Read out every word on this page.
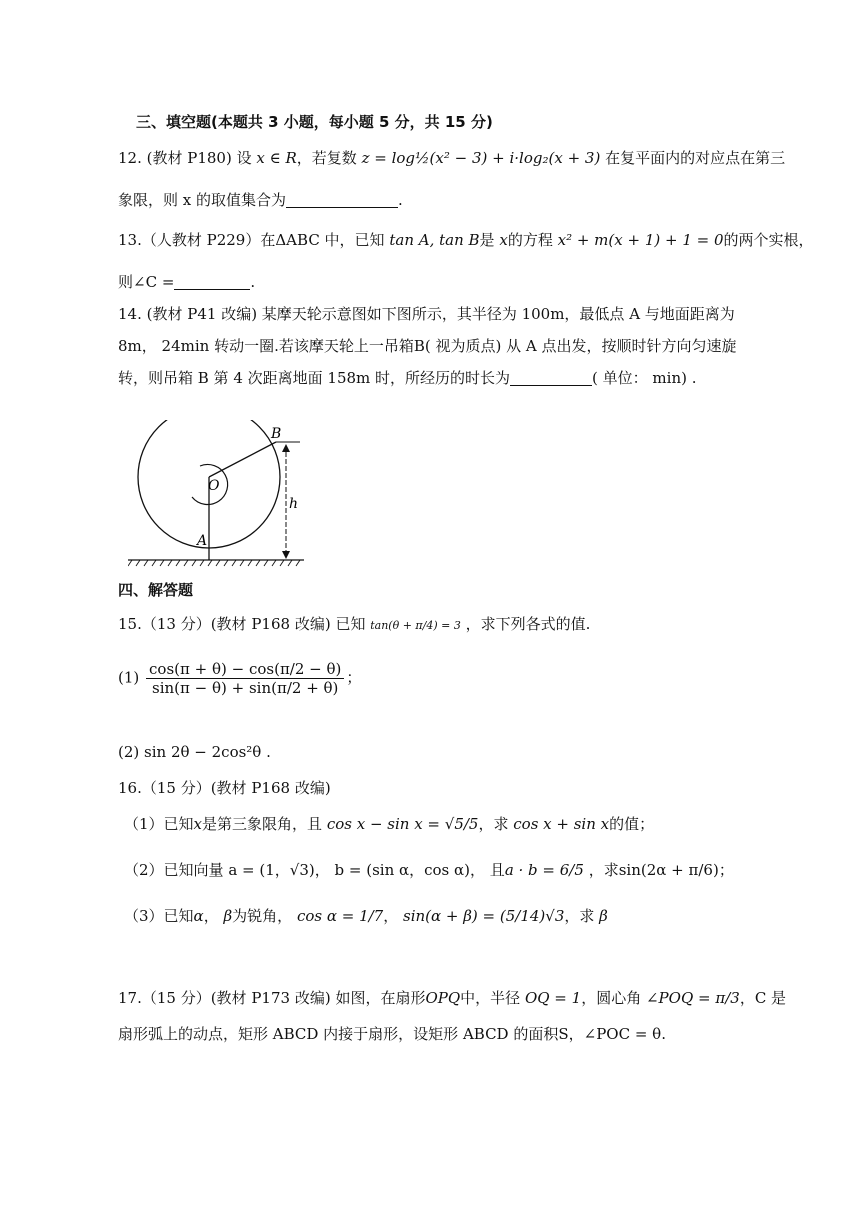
三、填空题(本题共 3 小题，每小题 5 分，共 15 分)
12. (教材 P180) 设 x ∈ R，若复数 z = log½(x² − 3) + i·log₂(x + 3) 在复平面内的对应点在第三
象限，则 x 的取值集合为	.
13.（人教材 P229）在ΔABC 中，已知 tan A, tan B是 x的方程 x² + m(x + 1) + 1 = 0的两个实根，
则∠C =	.
14. (教材 P41 改编) 某摩天轮示意图如下图所示，其半径为 100m，最低点 A 与地面距离为
8m， 24min 转动一圈.若该摩天轮上一吊箱B( 视为质点) 从 A 点出发，按顺时针方向匀速旋
转，则吊箱 B 第 4 次距离地面 158m 时，所经历的时长为	( 单位： min) .
B
O
A
h
四、解答题
15.（13 分）(教材 P168 改编) 已知 tan(θ + π/4) = 3 ，求下列各式的值.
$(1) \frac{\cos(\pi + \theta) - \cos(\pi/2 - \theta)}{\sin(\pi - \theta) + \sin(\pi/2 + \theta)}$ ；
(2) sin 2θ − 2cos²θ .
16.（15 分）(教材 P168 改编)
（1）已知x是第三象限角，且 cos x − sin x = √5/5，求 cos x + sin x的值；
（2）已知向量 a = (1，√3)， b = (sin α，cos α)， 且a · b = 6/5 ，求sin(2α + π/6)；
（3）已知α， β为锐角， cos α = 1/7， sin(α + β) = (5/14)√3，求 β
17.（15 分）(教材 P173 改编) 如图，在扇形OPQ中，半径 OQ = 1，圆心角 ∠POQ = π/3，C 是
扇形弧上的动点，矩形 ABCD 内接于扇形，设矩形 ABCD 的面积S，∠POC = θ.
